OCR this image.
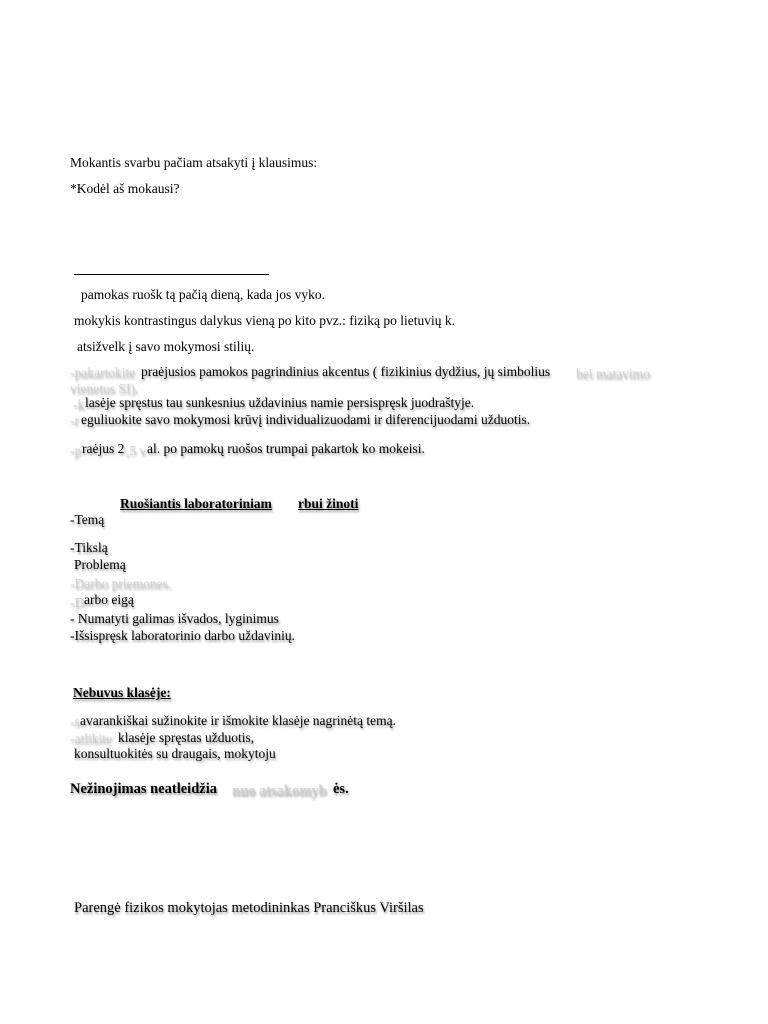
Mokantis svarbu pačiam atsakyti į klausimus:
*Kodėl aš mokausi?
pamokas ruošk tą pačią dieną, kada jos vyko.
mokykis kontrastingus dalykus vieną po kito pvz.: fiziką po lietuvių k.
atsižvelk į savo mokymosi stilių.
-pakartokite praėjusios pamokos pagrindinius akcentus ( fizikinius dydžius, jų simbolius bei matavimo
vienetus SI).
-k lasėje spręstus tau sunkesnius uždavinius namie persispręsk juodraštyje.
-r eguliuokite savo mokymosi krūvį individualizuodami ir diferencijuodami užduotis.
-p raėjus 2 ,5 v al. po pamokų ruošos trumpai pakartok ko mokeisi.
Ruošiantis laboratoriniam rbui žinoti
-Temą
-Tikslą
Problemą
-Darbo priemones.
-D arbo eigą
- Numatyti galimas išvados, lyginimus
-Išsispręsk laboratorinio darbo uždavinių.
Nebuvus klasėje:
-s avarankiškai sužinokite ir išmokite klasėje nagrinėtą temą.
-atlikite klasėje spręstas užduotis,
konsultuokitės su draugais, mokytoju
Nežinojimas neatleidžia nuo atsakomyb ės.
Parengė fizikos mokytojas metodininkas Pranciškus Viršilas
